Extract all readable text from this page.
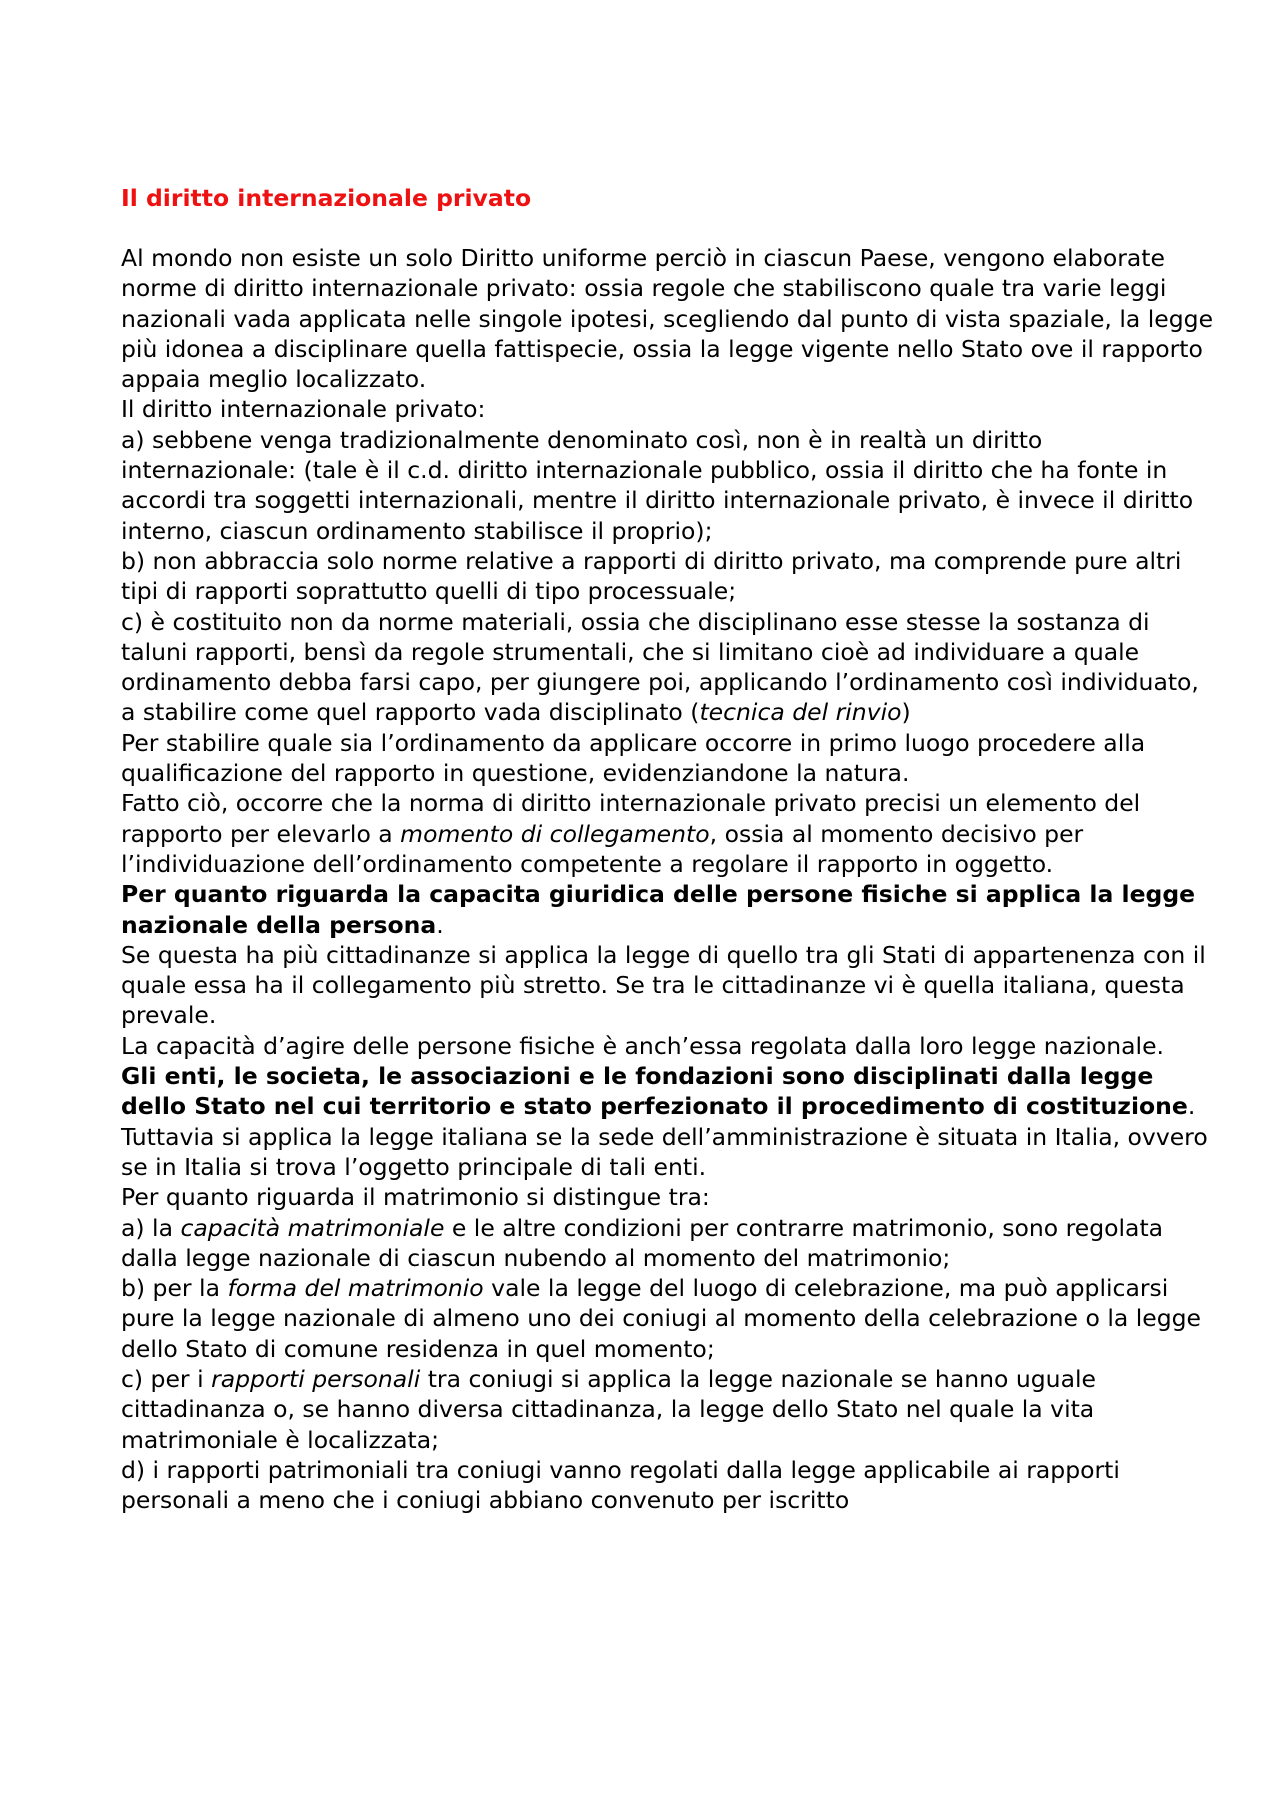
Il diritto internazionale privato

Al mondo non esiste un solo Diritto uniforme perciò in ciascun Paese, vengono elaborate norme di diritto internazionale privato: ossia regole che stabiliscono quale tra varie leggi nazionali vada applicata nelle singole ipotesi, scegliendo dal punto di vista spaziale, la legge più idonea a disciplinare quella fattispecie, ossia la legge vigente nello Stato ove il rapporto appaia meglio localizzato.

Il diritto internazionale privato:

a) sebbene venga tradizionalmente denominato così, non è in realtà un diritto internazionale: (tale è il c.d. diritto internazionale pubblico, ossia il diritto che ha fonte in accordi tra soggetti internazionali, mentre il diritto internazionale privato, è invece il diritto interno, ciascun ordinamento stabilisce il proprio);

b) non abbraccia solo norme relative a rapporti di diritto privato, ma comprende pure altri tipi di rapporti soprattutto quelli di tipo processuale;

c) è costituito non da norme materiali, ossia che disciplinano esse stesse la sostanza di taluni rapporti, bensì da regole strumentali, che si limitano cioè ad individuare a quale ordinamento debba farsi capo, per giungere poi, applicando l’ordinamento così individuato, a stabilire come quel rapporto vada disciplinato (tecnica del rinvio)

Per stabilire quale sia l’ordinamento da applicare occorre in primo luogo procedere alla qualificazione del rapporto in questione, evidenziandone la natura.

Fatto ciò, occorre che la norma di diritto internazionale privato precisi un elemento del rapporto per elevarlo a momento di collegamento, ossia al momento decisivo per l’individuazione dell’ordinamento competente a regolare il rapporto in oggetto.

Per quanto riguarda la capacita giuridica delle persone fisiche si applica la legge nazionale della persona.

Se questa ha più cittadinanze si applica la legge di quello tra gli Stati di appartenenza con il quale essa ha il collegamento più stretto. Se tra le cittadinanze vi è quella italiana, questa prevale.

La capacità d’agire delle persone fisiche è anch’essa regolata dalla loro legge nazionale.

Gli enti, le societa, le associazioni e le fondazioni sono disciplinati dalla legge dello Stato nel cui territorio e stato perfezionato il procedimento di costituzione. Tuttavia si applica la legge italiana se la sede dell’amministrazione è situata in Italia, ovvero se in Italia si trova l’oggetto principale di tali enti.

Per quanto riguarda il matrimonio si distingue tra:

a) la capacità matrimoniale e le altre condizioni per contrarre matrimonio, sono regolata dalla legge nazionale di ciascun nubendo al momento del matrimonio;

b) per la forma del matrimonio vale la legge del luogo di celebrazione, ma può applicarsi pure la legge nazionale di almeno uno dei coniugi al momento della celebrazione o la legge dello Stato di comune residenza in quel momento;

c) per i rapporti personali tra coniugi si applica la legge nazionale se hanno uguale cittadinanza o, se hanno diversa cittadinanza, la legge dello Stato nel quale la vita matrimoniale è localizzata;

d) i rapporti patrimoniali tra coniugi vanno regolati dalla legge applicabile ai rapporti personali a meno che i coniugi abbiano convenuto per iscritto
